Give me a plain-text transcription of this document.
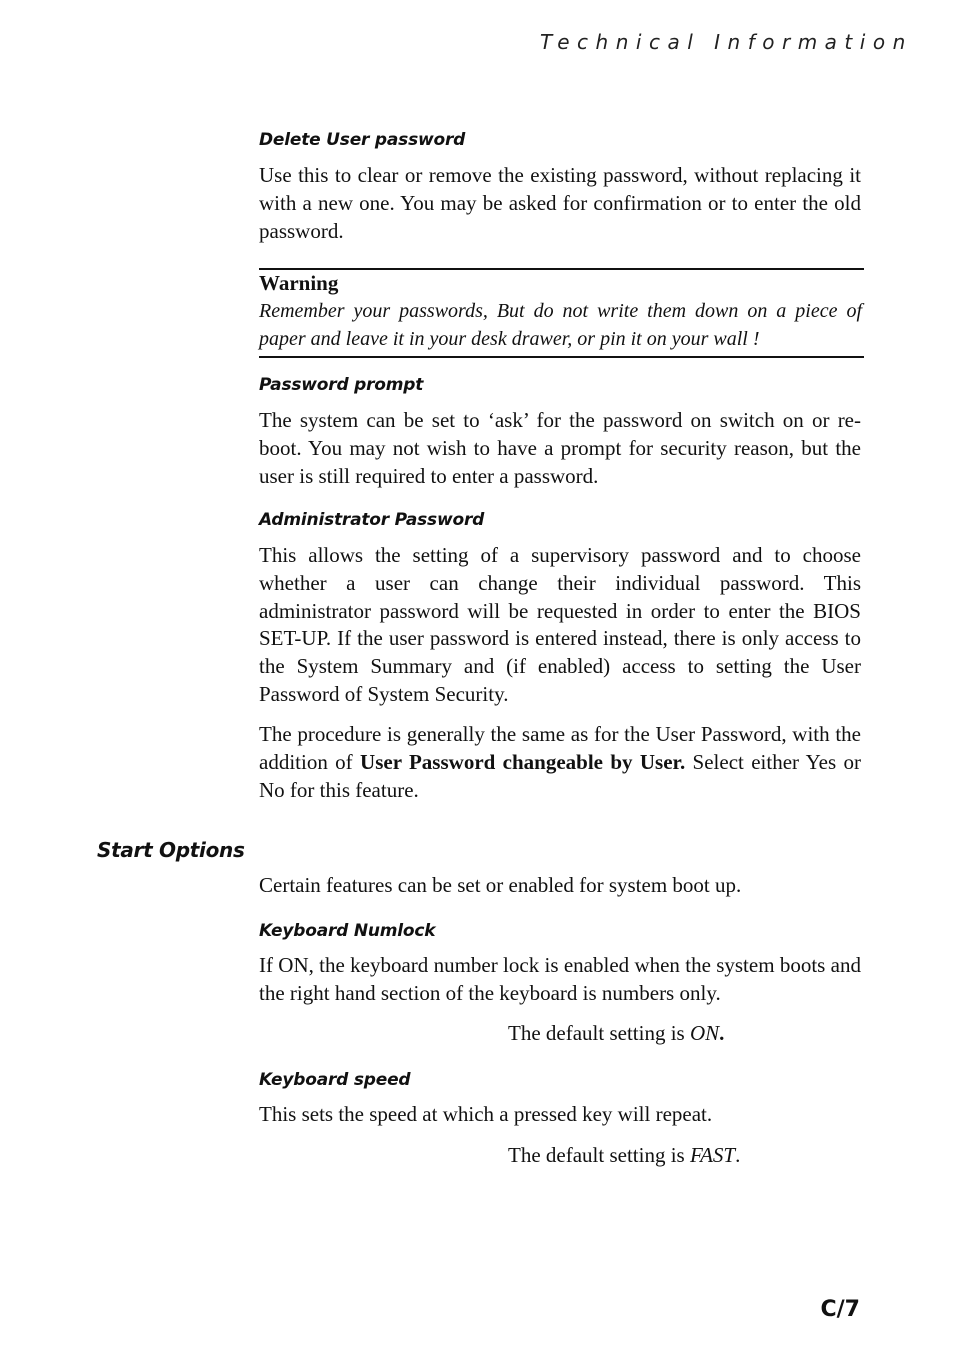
Technical Information
Delete User password

Use this to clear or remove the existing password, without replacing it with a new one. You may be asked for confirmation or to enter the old password.

Warning

Remember your passwords, But do not write them down on a piece of paper and leave it in your desk drawer, or pin it on your wall !

Password prompt

The system can be set to ‘ask’ for the password on switch on or re-boot. You may not wish to have a prompt for security reason, but the user is still required to enter a password.

Administrator Password

This allows the setting of a supervisory password and to choose whether a user can change their individual password. This administrator password will be requested in order to enter the BIOS SET-UP. If the user password is entered instead, there is only access to the System Summary and (if enabled) access to setting the User Password of System Security.

The procedure is generally the same as for the User Password, with the addition of User Password changeable by User. Select either Yes or No for this feature.

Start Options

Certain features can be set or enabled for system boot up.

Keyboard Numlock

If ON, the keyboard number lock is enabled when the system boots and the right hand section of the keyboard is numbers only.

The default setting is ON.
Keyboard speed

This sets the speed at which a pressed key will repeat.

The default setting is FAST.
C/7
